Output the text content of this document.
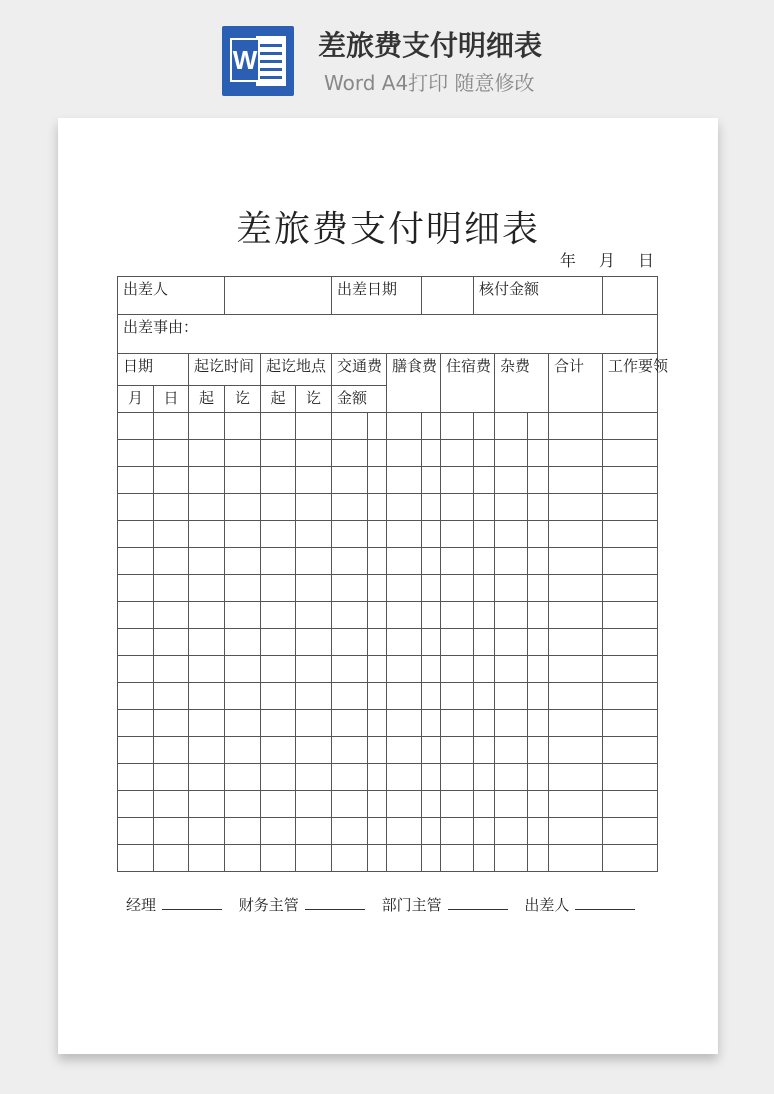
W 差旅费支付明细表
Word A4打印 随意修改
差旅费支付明细表
年 月 日
出差人						出差日期					核付金额				
出差事由：															
日期		起讫时间		起讫地点		交通费		膳食费		住宿费		杂费		合计	工作要领

月	日	起	讫	起	讫	金额									

经理	财务主管	部门主管	出差人
